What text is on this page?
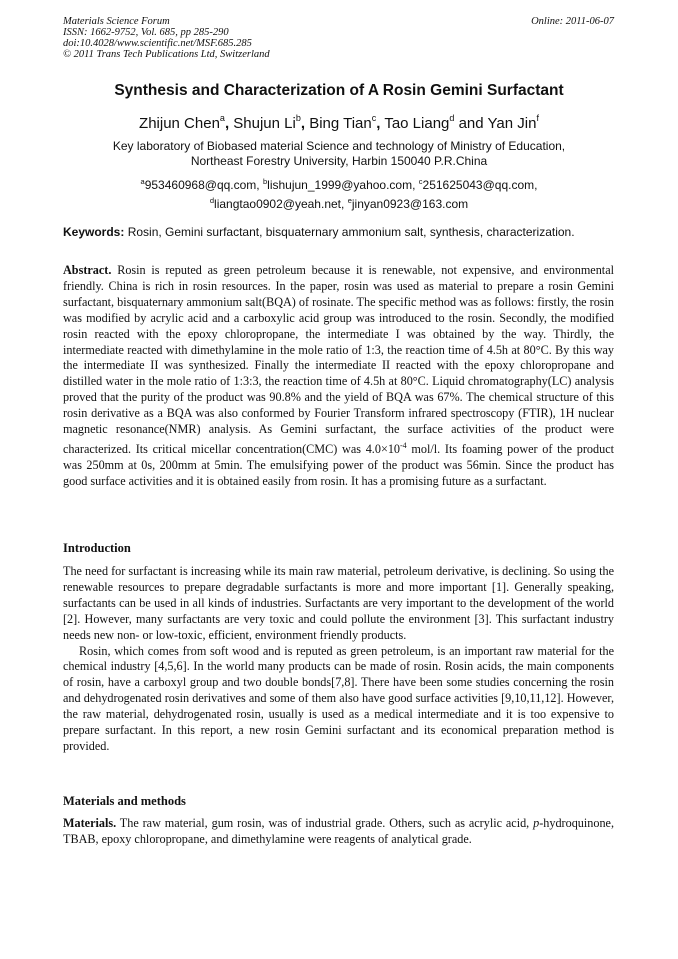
Materials Science Forum
ISSN: 1662-9752, Vol. 685, pp 285-290
doi:10.4028/www.scientific.net/MSF.685.285
© 2011 Trans Tech Publications Ltd, Switzerland
Online: 2011-06-07
Synthesis and Characterization of A Rosin Gemini Surfactant
Zhijun Chen$^a$, Shujun Li$^b$, Bing Tian$^c$, Tao Liang$^d$ and Yan Jin$^f$
Key laboratory of Biobased material Science and technology of Ministry of Education,
Northeast Forestry University, Harbin 150040 P.R.China
$^a$953460968@qq.com, $^b$lishujun_1999@yahoo.com, $^c$251625043@qq.com,
$^d$liangtao0902@yeah.net, $^e$jinyan0923@163.com
Keywords: Rosin, Gemini surfactant, bisquaternary ammonium salt, synthesis, characterization.

Abstract. Rosin is reputed as green petroleum because it is renewable, not expensive, and environmental friendly. China is rich in rosin resources. In the paper, rosin was used as material to prepare a rosin Gemini surfactant, bisquaternary ammonium salt(BQA) of rosinate. The specific method was as follows: firstly, the rosin was modified by acrylic acid and a carboxylic acid group was introduced to the rosin. Secondly, the modified rosin reacted with the epoxy chloropropane, the intermediate I was obtained by the way. Thirdly, the intermediate reacted with dimethylamine in the mole ratio of 1:3, the reaction time of 4.5h at 80°C. By this way the intermediate II was synthesized. Finally the intermediate II reacted with the epoxy chloropropane and distilled water in the mole ratio of 1:3:3, the reaction time of 4.5h at 80°C. Liquid chromatography(LC) analysis proved that the purity of the product was 90.8% and the yield of BQA was 67%. The chemical structure of this rosin derivative as a BQA was also conformed by Fourier Transform infrared spectroscopy (FTIR), 1H nuclear magnetic resonance(NMR) analysis. As Gemini surfactant, the surface activities of the product were characterized. Its critical micellar concentration(CMC) was $4.0\times 10^{-4}$ mol/l. Its foaming power of the product was 250mm at 0s, 200mm at 5min. The emulsifying power of the product was 56min. Since the product has good surface activities and it is obtained easily from rosin. It has a promising future as a surfactant.

Introduction

The need for surfactant is increasing while its main raw material, petroleum derivative, is declining. So using the renewable resources to prepare degradable surfactants is more and more important [1]. Generally speaking, surfactants can be used in all kinds of industries. Surfactants are very important to the development of the world [2]. However, many surfactants are very toxic and could pollute the environment [3]. This surfactant industry needs new non- or low-toxic, efficient, environment friendly products.

Rosin, which comes from soft wood and is reputed as green petroleum, is an important raw material for the chemical industry [4,5,6]. In the world many products can be made of rosin. Rosin acids, the main components of rosin, have a carboxyl group and two double bonds[7,8]. There have been some studies concerning the rosin and dehydrogenated rosin derivatives and some of them also have good surface activities [9,10,11,12]. However, the raw material, dehydrogenated rosin, usually is used as a medical intermediate and it is too expensive to prepare surfactant. In this report, a new rosin Gemini surfactant and its economical preparation method is provided.

Materials and methods

Materials. The raw material, gum rosin, was of industrial grade. Others, such as acrylic acid, p-hydroquinone, TBAB, epoxy chloropropane, and dimethylamine were reagents of analytical grade.
